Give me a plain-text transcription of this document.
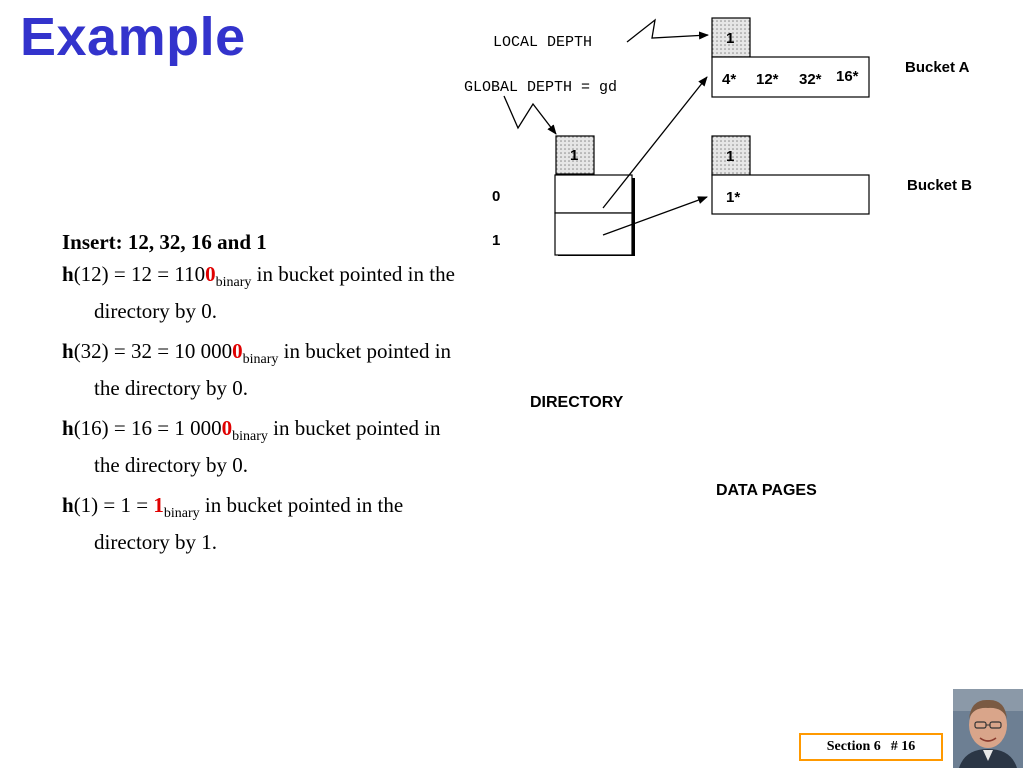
Example	LOCAL DEPTH
GLOBAL DEPTH = gd
1
0
1
1
4* 12* 32* 16*
Bucket A
1
1*
Bucket B
DIRECTORY
DATA PAGES
Insert: 12, 32, 16 and 1
$h(12) = 12 = 1100_{binary}$ in bucket pointed in the directory by 0.
h(32) = 32 = 10 $0000_{binary}$ in bucket pointed in the directory by 0.
h(16) = 16 = 1 $0000_{binary}$ in bucket pointed in the directory by 0.
$h(1) = 1 = 1_{binary}$ in bucket pointed in the directory by 1.
Section 6 # 16
